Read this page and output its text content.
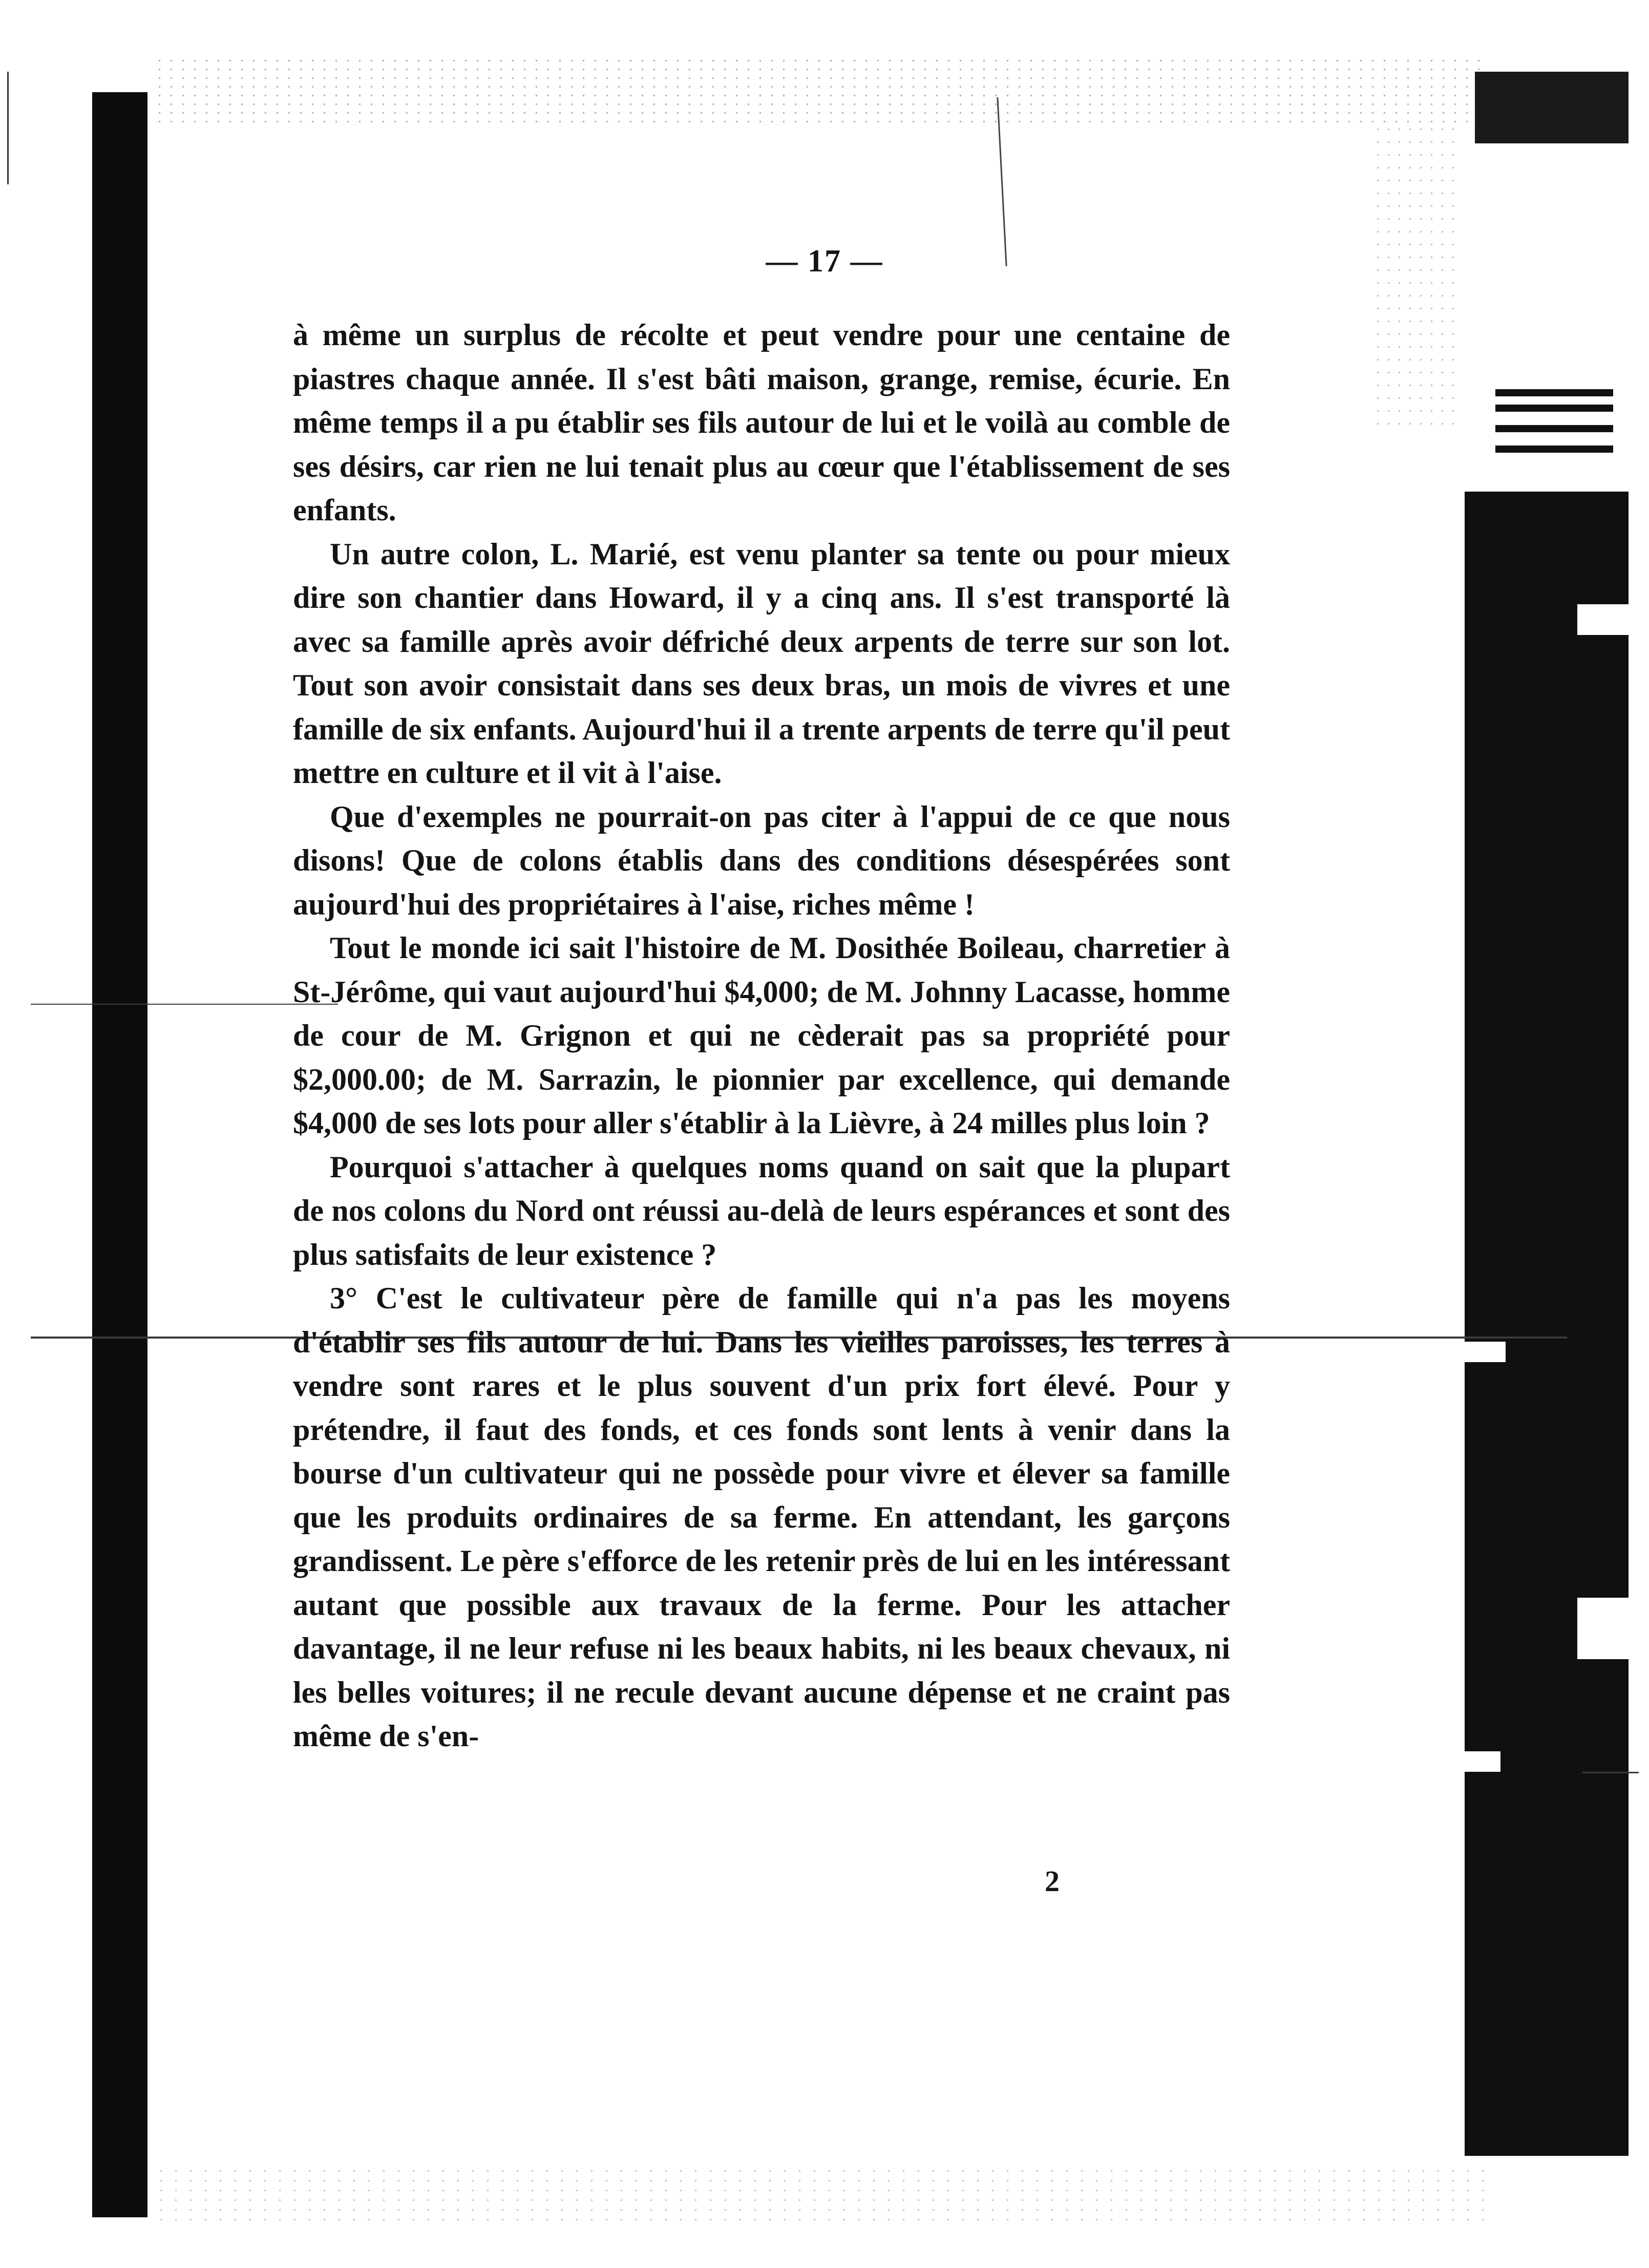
— 17 —

à même un surplus de récolte et peut vendre pour une centaine de piastres chaque année. Il s'est bâti maison, grange, remise, écurie. En même temps il a pu établir ses fils autour de lui et le voilà au comble de ses désirs, car rien ne lui tenait plus au cœur que l'établissement de ses enfants.

Un autre colon, L. Marié, est venu planter sa tente ou pour mieux dire son chantier dans Howard, il y a cinq ans. Il s'est transporté là avec sa famille après avoir défriché deux arpents de terre sur son lot. Tout son avoir consistait dans ses deux bras, un mois de vivres et une famille de six enfants. Aujourd'hui il a trente arpents de terre qu'il peut mettre en culture et il vit à l'aise.

Que d'exemples ne pourrait-on pas citer à l'appui de ce que nous disons! Que de colons établis dans des conditions désespérées sont aujourd'hui des propriétaires à l'aise, riches même !

Tout le monde ici sait l'histoire de M. Dosithée Boileau, charretier à St-Jérôme, qui vaut aujourd'hui $4,000; de M. Johnny Lacasse, homme de cour de M. Grignon et qui ne cèderait pas sa propriété pour $2,000.00; de M. Sarrazin, le pionnier par excellence, qui demande $4,000 de ses lots pour aller s'établir à la Lièvre, à 24 milles plus loin ?

Pourquoi s'attacher à quelques noms quand on sait que la plupart de nos colons du Nord ont réussi au-delà de leurs espérances et sont des plus satisfaits de leur existence ?

3° C'est le cultivateur père de famille qui n'a pas les moyens d'établir ses fils autour de lui. Dans les vieilles paroisses, les terres à vendre sont rares et le plus souvent d'un prix fort élevé. Pour y prétendre, il faut des fonds, et ces fonds sont lents à venir dans la bourse d'un cultivateur qui ne possède pour vivre et élever sa famille que les produits ordinaires de sa ferme. En attendant, les garçons grandissent. Le père s'efforce de les retenir près de lui en les intéressant autant que possible aux travaux de la ferme. Pour les attacher davantage, il ne leur refuse ni les beaux habits, ni les beaux chevaux, ni les belles voitures; il ne recule devant aucune dépense et ne craint pas même de s'en-

2
